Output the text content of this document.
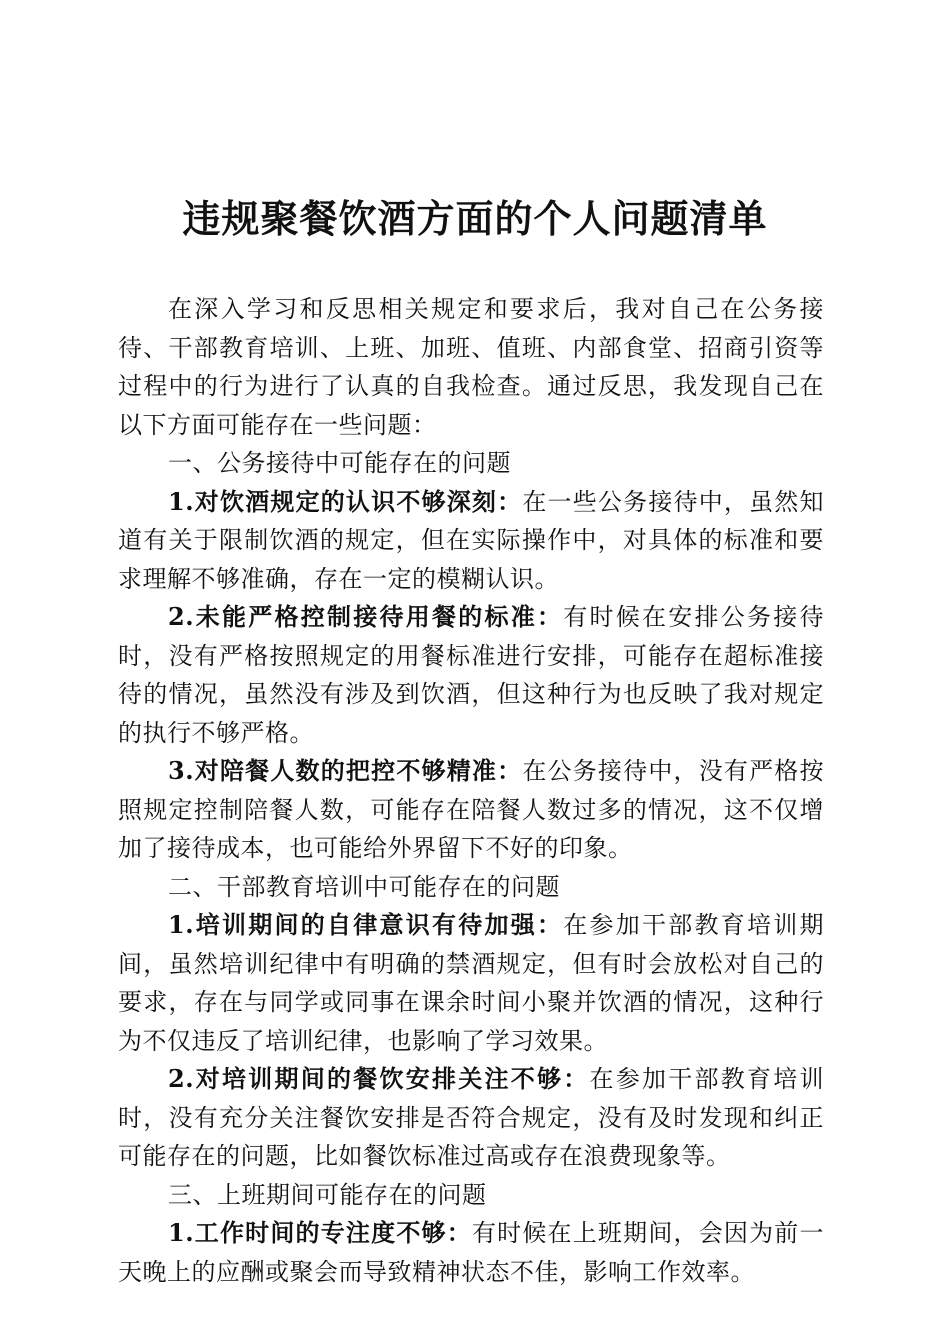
违规聚餐饮酒方面的个人问题清单

在深入学习和反思相关规定和要求后，我对自己在公务接待、干部教育培训、上班、加班、值班、内部食堂、招商引资等过程中的行为进行了认真的自我检查。通过反思，我发现自己在以下方面可能存在一些问题：

一、公务接待中可能存在的问题

1.对饮酒规定的认识不够深刻：在一些公务接待中，虽然知道有关于限制饮酒的规定，但在实际操作中，对具体的标准和要求理解不够准确，存在一定的模糊认识。

2.未能严格控制接待用餐的标准：有时候在安排公务接待时，没有严格按照规定的用餐标准进行安排，可能存在超标准接待的情况，虽然没有涉及到饮酒，但这种行为也反映了我对规定的执行不够严格。

3.对陪餐人数的把控不够精准：在公务接待中，没有严格按照规定控制陪餐人数，可能存在陪餐人数过多的情况，这不仅增加了接待成本，也可能给外界留下不好的印象。

二、干部教育培训中可能存在的问题

1.培训期间的自律意识有待加强：在参加干部教育培训期间，虽然培训纪律中有明确的禁酒规定，但有时会放松对自己的要求，存在与同学或同事在课余时间小聚并饮酒的情况，这种行为不仅违反了培训纪律，也影响了学习效果。

2.对培训期间的餐饮安排关注不够：在参加干部教育培训时，没有充分关注餐饮安排是否符合规定，没有及时发现和纠正可能存在的问题，比如餐饮标准过高或存在浪费现象等。

三、上班期间可能存在的问题

1.工作时间的专注度不够：有时候在上班期间，会因为前一天晚上的应酬或聚会而导致精神状态不佳，影响工作效率。
